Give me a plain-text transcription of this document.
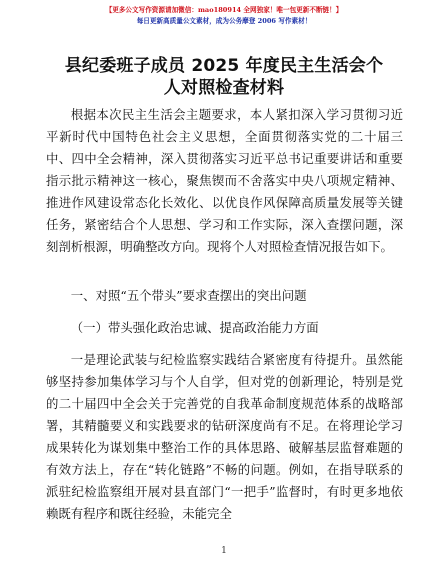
【更多公文写作资源请加微信：mao180914 全网独家！唯一包更新不断链！】
每日更新高质量公文素材，成为公务摩登 2006 写作素材！
县纪委班子成员 2025 年度民主生活会个人对照检查材料
根据本次民主生活会主题要求，本人紧扣深入学习贯彻习近平新时代中国特色社会主义思想，全面贯彻落实党的二十届三中、四中全会精神，深入贯彻落实习近平总书记重要讲话和重要指示批示精神这一核心，聚焦锲而不舍落实中央八项规定精神、推进作风建设常态化长效化、以优良作风保障高质量发展等关键任务，紧密结合个人思想、学习和工作实际，深入查摆问题，深刻剖析根源，明确整改方向。现将个人对照检查情况报告如下。
一、对照“五个带头”要求查摆出的突出问题
（一）带头强化政治忠诚、提高政治能力方面
一是理论武装与纪检监察实践结合紧密度有待提升。虽然能够坚持参加集体学习与个人自学，但对党的创新理论，特别是党的二十届四中全会关于完善党的自我革命制度规范体系的战略部署，其精髓要义和实践要求的钻研深度尚有不足。在将理论学习成果转化为谋划集中整治工作的具体思路、破解基层监督难题的有效方法上，存在“转化链路”不畅的问题。例如，在指导联系的派驻纪检监察组开展对县直部门“一把手”监督时，有时更多地依赖既有程序和既往经验，未能完全
1
